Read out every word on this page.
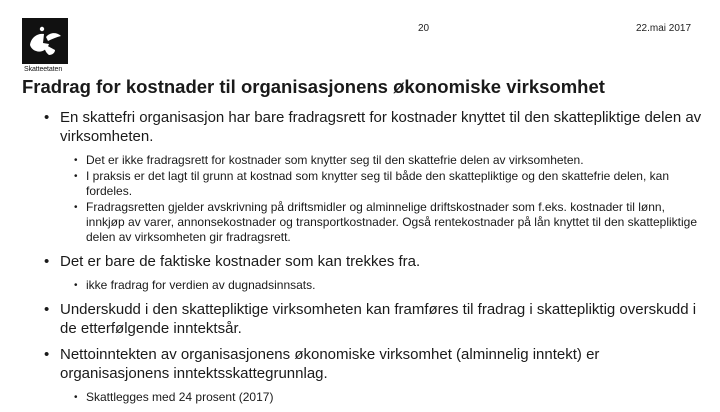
Skatteetaten
20	22.mai 2017
Fradrag for kostnader til organisasjonens økonomiske virksomhet
• En skattefri organisasjon har bare fradragsrett for kostnader knyttet til den skattepliktige delen av virksomheten.
• Det er ikke fradragsrett for kostnader som knytter seg til den skattefrie delen av virksomheten.
• I praksis er det lagt til grunn at kostnad som knytter seg til både den skattepliktige og den skattefrie delen, kan fordeles.
• Fradragsretten gjelder avskrivning på driftsmidler og alminnelige driftskostnader som f.eks. kostnader til lønn, innkjøp av varer, annonsekostnader og transportkostnader. Også rentekostnader på lån knyttet til den skattepliktige delen av virksomheten gir fradragsrett.
• Det er bare de faktiske kostnader som kan trekkes fra.
• ikke fradrag for verdien av dugnadsinnsats.
• Underskudd i den skattepliktige virksomheten kan framføres til fradrag i skattepliktig overskudd i de etterfølgende inntektsår.
• Nettoinntekten av organisasjonens økonomiske virksomhet (alminnelig inntekt) er organisasjonens inntektsskattegrunnlag.
• Skattlegges med 24 prosent (2017)
